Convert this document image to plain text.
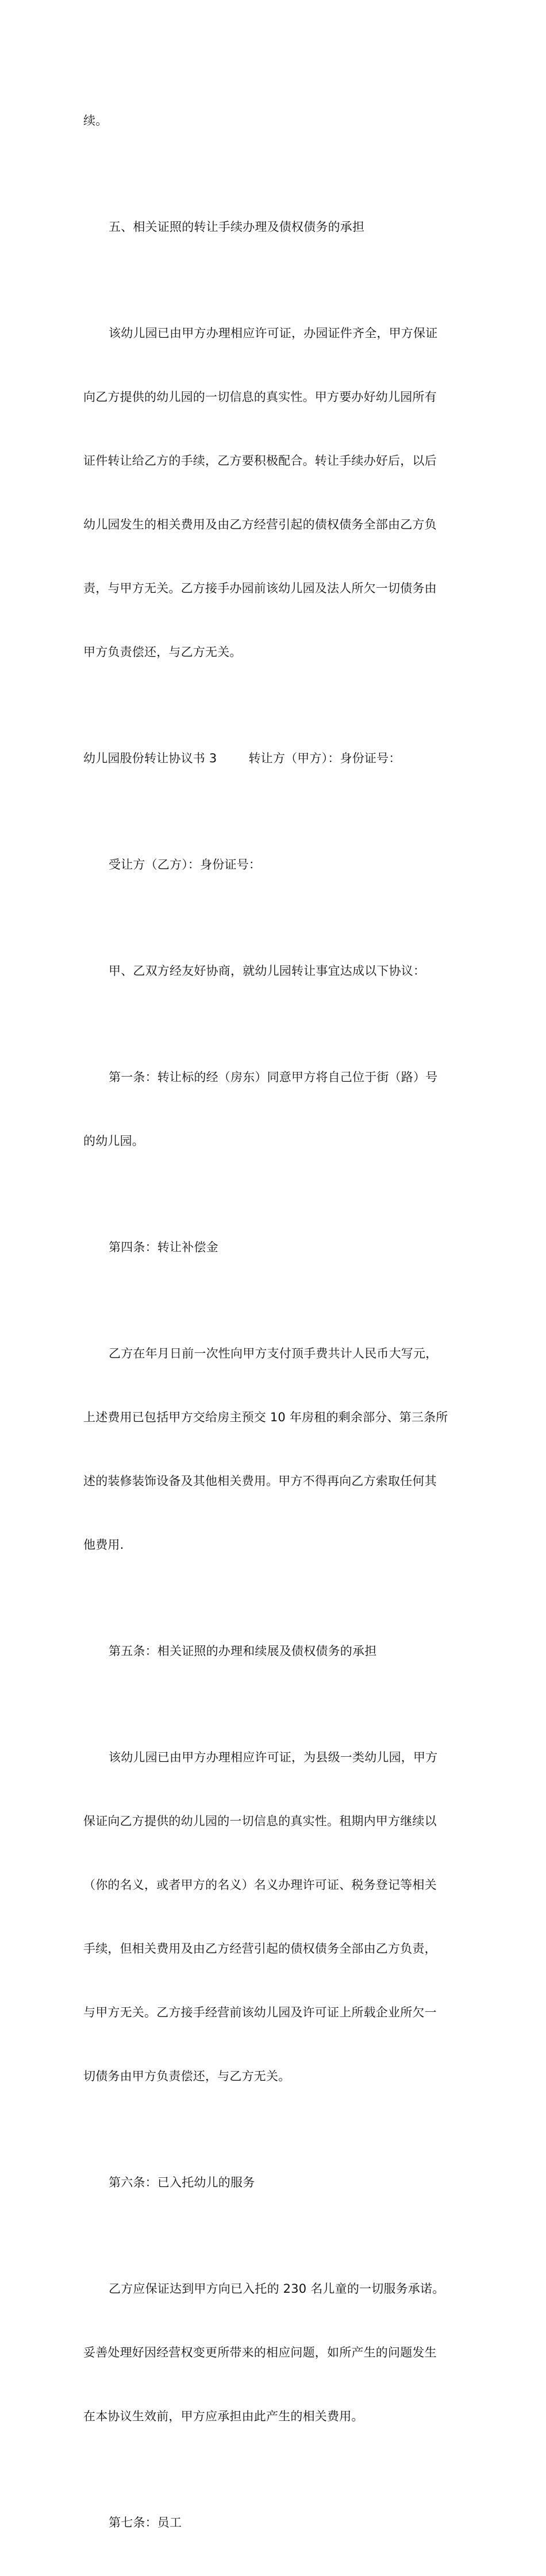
续。

五、相关证照的转让手续办理及债权债务的承担

该幼儿园已由甲方办理相应许可证，办园证件齐全，甲方保证

向乙方提供的幼儿园的一切信息的真实性。甲方要办好幼儿园所有

证件转让给乙方的手续，乙方要积极配合。转让手续办好后，以后

幼儿园发生的相关费用及由乙方经营引起的债权债务全部由乙方负

责，与甲方无关。乙方接手办园前该幼儿园及法人所欠一切债务由

甲方负责偿还，与乙方无关。

幼儿园股份转让协议书 3        转让方（甲方）：身份证号：

受让方（乙方）：身份证号：

甲、乙双方经友好协商，就幼儿园转让事宜达成以下协议：

第一条：转让标的经（房东）同意甲方将自己位于街（路）号

的幼儿园。

第四条：转让补偿金

乙方在年月日前一次性向甲方支付顶手费共计人民币大写元，

上述费用已包括甲方交给房主预交 10 年房租的剩余部分、第三条所

述的装修装饰设备及其他相关费用。甲方不得再向乙方索取任何其

他费用.

第五条：相关证照的办理和续展及债权债务的承担

该幼儿园已由甲方办理相应许可证，为县级一类幼儿园，甲方

保证向乙方提供的幼儿园的一切信息的真实性。租期内甲方继续以

（你的名义，或者甲方的名义）名义办理许可证、税务登记等相关

手续，但相关费用及由乙方经营引起的债权债务全部由乙方负责，

与甲方无关。乙方接手经营前该幼儿园及许可证上所载企业所欠一

切债务由甲方负责偿还，与乙方无关。

第六条：已入托幼儿的服务

乙方应保证达到甲方向已入托的 230 名儿童的一切服务承诺。

妥善处理好因经营权变更所带来的相应问题，如所产生的问题发生

在本协议生效前，甲方应承担由此产生的相关费用。

第七条：员工
